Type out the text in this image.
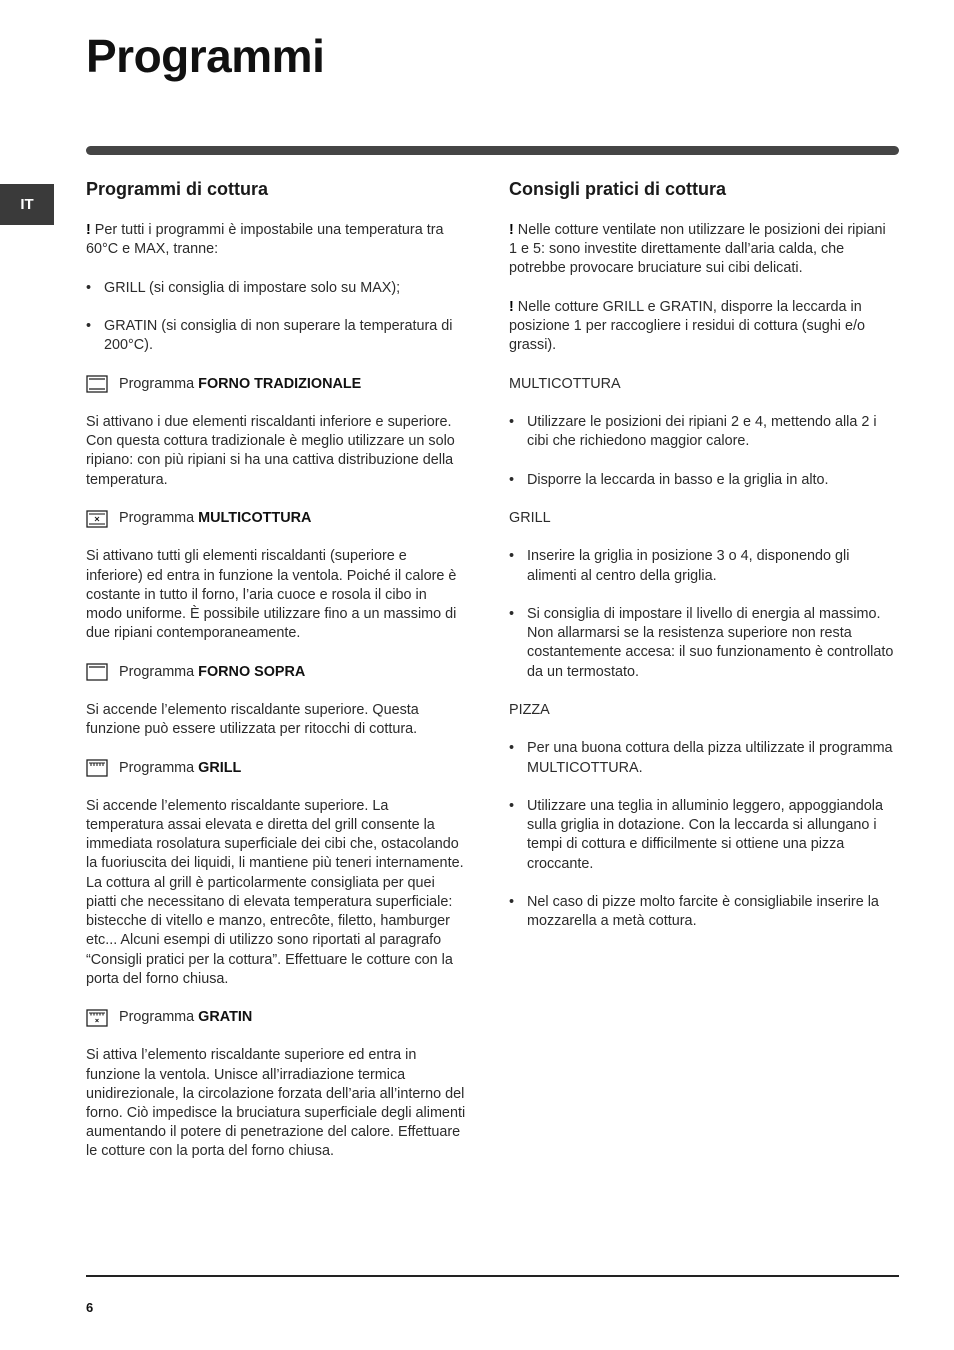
Programmi
IT
Programmi di cottura

! Per tutti i programmi è impostabile una temperatura tra 60°C e MAX, tranne:

• GRILL (si consiglia di impostare solo su MAX);
• GRATIN (si consiglia di non superare la temperatura di 200°C).
Programma
FORNO TRADIZIONALE

Si attivano i due elementi riscaldanti inferiore e superiore. Con questa cottura tradizionale è meglio utilizzare un solo ripiano: con più ripiani si ha una cattiva distribuzione della temperatura.

Programma
MULTICOTTURA

Si attivano tutti gli elementi riscaldanti (superiore e inferiore) ed entra in funzione la ventola. Poiché il calore è costante in tutto il forno, l’aria cuoce e rosola il cibo in modo uniforme. È possibile utilizzare fino a un massimo di due ripiani contemporaneamente.

Programma
FORNO SOPRA

Si accende l’elemento riscaldante superiore. Questa funzione può essere utilizzata per ritocchi di cottura.

Programma
GRILL

Si accende l’elemento riscaldante superiore. La temperatura assai elevata e diretta del grill consente la immediata rosolatura superficiale dei cibi che, ostacolando la fuoriuscita dei liquidi, li mantiene più teneri internamente. La cottura al grill è particolarmente consigliata per quei piatti che necessitano di elevata temperatura superficiale: bistecche di vitello e manzo, entrecôte, filetto, hamburger etc... Alcuni esempi di utilizzo sono riportati al paragrafo “Consigli pratici per la cottura”. Effettuare le cotture con la porta del forno chiusa.

Programma
GRATIN

Si attiva l’elemento riscaldante superiore ed entra in funzione la ventola. Unisce all’irradiazione termica unidirezionale, la circolazione forzata dell’aria all’interno del forno. Ciò impedisce la bruciatura superficiale degli alimenti aumentando il potere di penetrazione del calore. Effettuare le cotture con la porta del forno chiusa.

Consigli pratici di cottura

! Nelle cotture ventilate non utilizzare le posizioni dei ripiani 1 e 5: sono investite direttamente dall’aria calda, che potrebbe provocare bruciature sui cibi delicati.

! Nelle cotture GRILL e GRATIN, disporre la leccarda in posizione 1 per raccogliere i residui di cottura (sughi e/o grassi).

MULTICOTTURA

• Utilizzare le posizioni dei ripiani 2 e 4, mettendo alla 2 i cibi che richiedono maggior calore.
• Disporre la leccarda in basso e la griglia in alto.

GRILL

• Inserire la griglia in posizione 3 o 4, disponendo gli alimenti al centro della griglia.
• Si consiglia di impostare il livello di energia al massimo. Non allarmarsi se la resistenza superiore non resta costantemente accesa: il suo funzionamento è controllato da un termostato.

PIZZA

• Per una buona cottura della pizza ultilizzate il programma MULTICOTTURA.
• Utilizzare una teglia in alluminio leggero, appoggiandola sulla griglia in dotazione. Con la leccarda si allungano i tempi di cottura e difficilmente si ottiene una pizza croccante.
• Nel caso di pizze molto farcite è consigliabile inserire la mozzarella a metà cottura.
6
